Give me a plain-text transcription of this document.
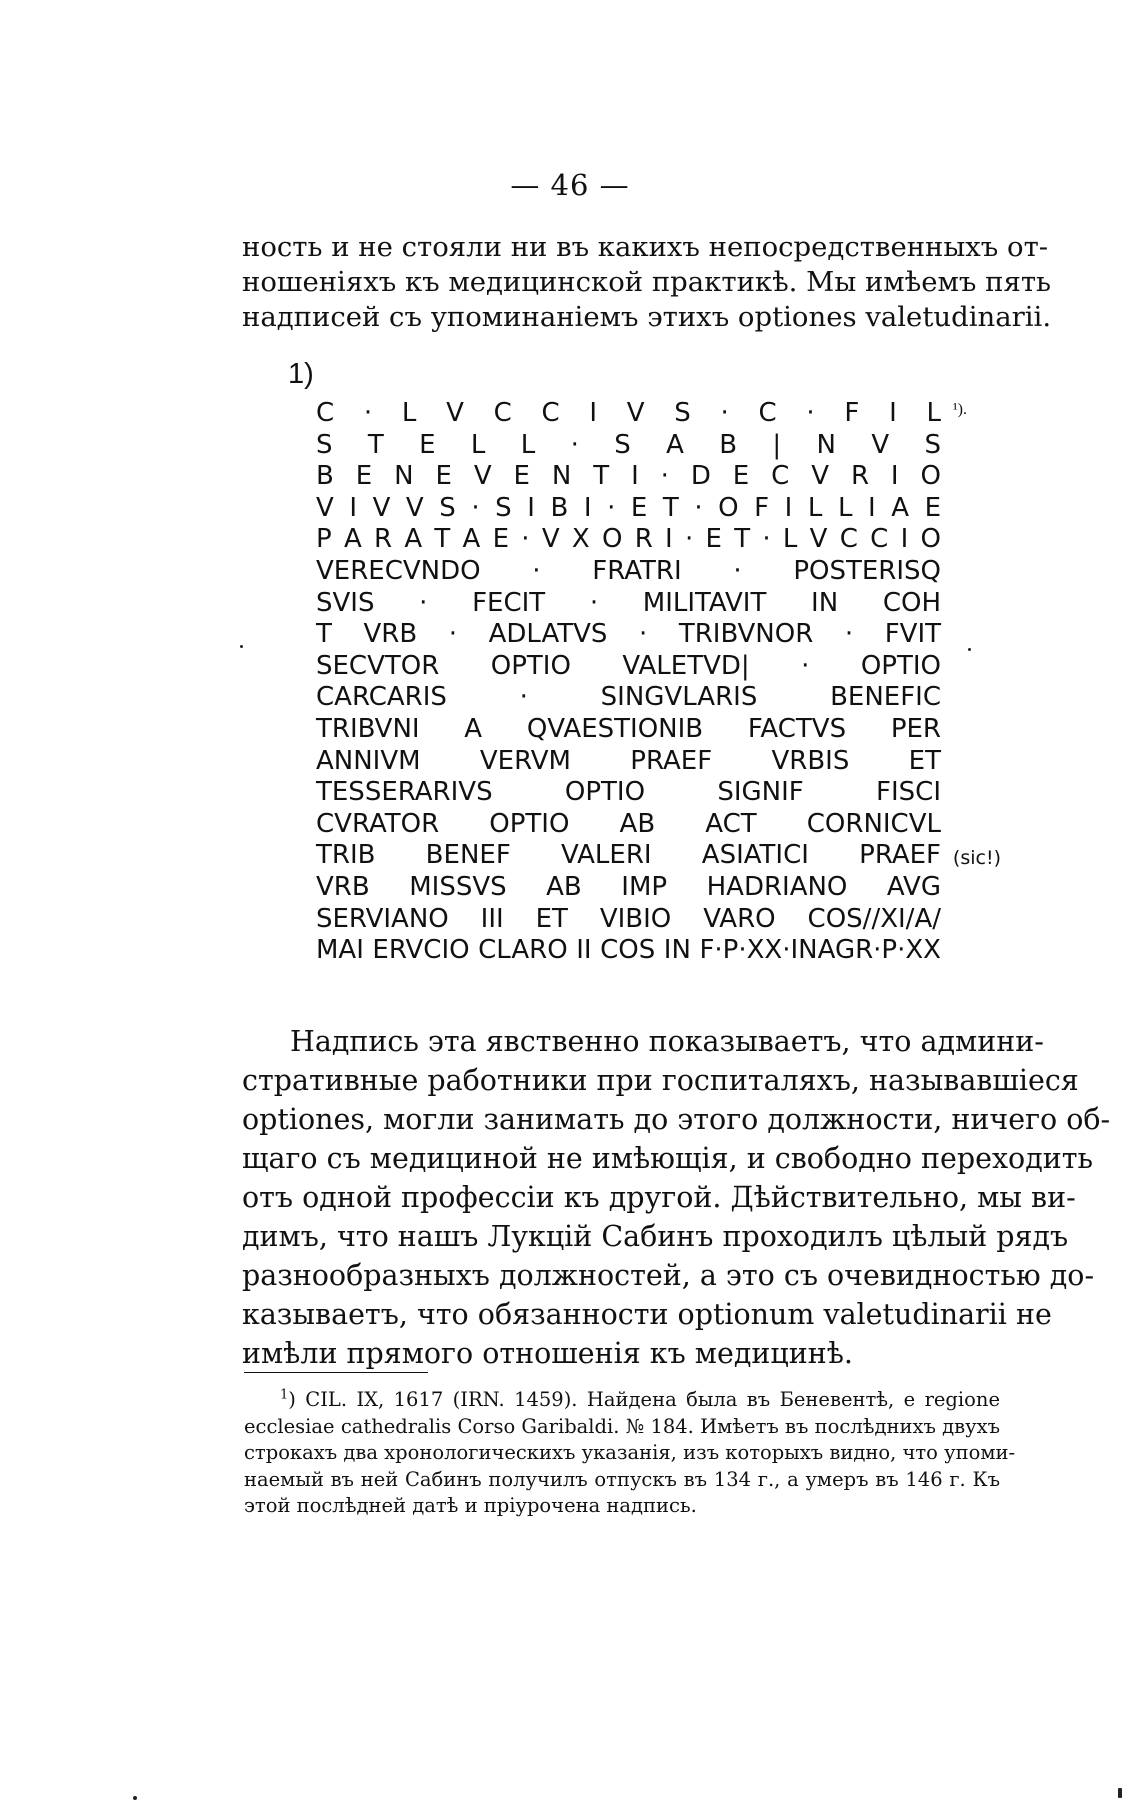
— 46 —
ность и не стояли ни въ какихъ непосредственныхъ от-
ношеніяхъ къ медицинской практикѣ. Мы имѣемъ пять
надписей съ упоминаніемъ этихъ optiones valetudinarii.
1)
C · L V C C I V S · C · F I L ¹).
S T E L L · S A B | N V S
B E N E V E N T I · D E C V R I O
V I V V S · S I B I · E T · O F I L L I A E
P A R A T A E · V X O R I · E T · L V C C I O
VERECVNDO · FRATRI · POSTERISQ
SVIS · FECIT · MILITAVIT IN COH
T VRB · ADLATVS · TRIBVNOR · FVIT
SECVTOR OPTIO VALETVD| · OPTIO
CARCARIS · SINGVLARIS BENEFIC
TRIBVNI A QVAESTIONIB FACTVS PER
ANNIVM VERVM PRAEF VRBIS ET
TESSERARIVS OPTIO SIGNIF FISCI
CVRATOR OPTIO AB ACT CORNICVL
TRIB BENEF VALERI ASIATICI PRAEF (sic!)
VRB MISSVS AB IMP HADRIANO AVG
SERVIANO III ET VIBIO VARO COS//XI/A/
MAI ERVCIO CLARO II COS IN F·P·XX·INAGR·P·XX
Надпись эта явственно показываетъ, что админи-
стративные работники при госпиталяхъ, называвшіеся
optiones, могли занимать до этого должности, ничего об-
щаго съ медициной не имѣющія, и свободно переходить
отъ одной профессіи къ другой. Дѣйствительно, мы ви-
димъ, что нашъ Лукцій Сабинъ проходилъ цѣлый рядъ
разнообразныхъ должностей, а это съ очевидностью до-
казываетъ, что обязанности optionum valetudinarii не
имѣли прямого отношенія къ медицинѣ.
$^1$) CIL. IX, 1617 (IRN. 1459). Найдена была въ Беневентѣ, e regione
ecclesiae cathedralis Corso Garibaldi. № 184. Имѣетъ въ послѣднихъ двухъ
строкахъ два хронологическихъ указанія, изъ которыхъ видно, что упоми-
наемый въ ней Сабинъ получилъ отпускъ въ 134 г., а умеръ въ 146 г. Къ
этой послѣдней датѣ и пріурочена надпись.
